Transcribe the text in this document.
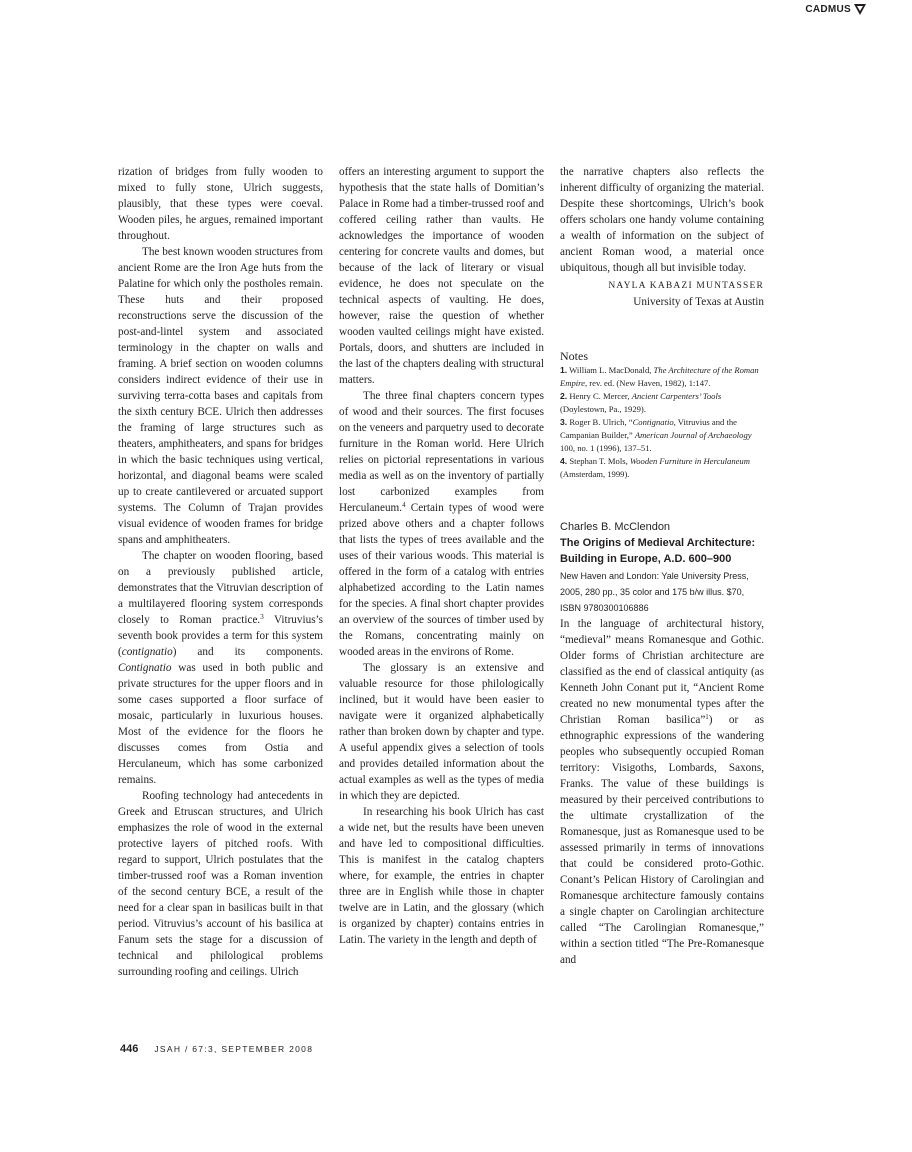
CADMUS

rization of bridges from fully wooden to mixed to fully stone, Ulrich suggests, plausibly, that these types were coeval. Wooden piles, he argues, remained important throughout.

The best known wooden structures from ancient Rome are the Iron Age huts from the Palatine for which only the postholes remain. These huts and their proposed reconstructions serve the discussion of the post-and-lintel system and associated terminology in the chapter on walls and framing. A brief section on wooden columns considers indirect evidence of their use in surviving terra-cotta bases and capitals from the sixth century BCE. Ulrich then addresses the framing of large structures such as theaters, amphitheaters, and spans for bridges in which the basic techniques using vertical, horizontal, and diagonal beams were scaled up to create cantilevered or arcuated support systems. The Column of Trajan provides visual evidence of wooden frames for bridge spans and amphitheaters.

The chapter on wooden flooring, based on a previously published article, demonstrates that the Vitruvian description of a multilayered flooring system corresponds closely to Roman practice.$^3$ Vitruvius’s seventh book provides a term for this system (contignatio) and its components. Contignatio was used in both public and private structures for the upper floors and in some cases supported a floor surface of mosaic, particularly in luxurious houses. Most of the evidence for the floors he discusses comes from Ostia and Herculaneum, which has some carbonized remains.

Roofing technology had antecedents in Greek and Etruscan structures, and Ulrich emphasizes the role of wood in the external protective layers of pitched roofs. With regard to support, Ulrich postulates that the timber-trussed roof was a Roman invention of the second century BCE, a result of the need for a clear span in basilicas built in that period. Vitruvius’s account of his basilica at Fanum sets the stage for a discussion of technical and philological problems surrounding roofing and ceilings. Ulrich

offers an interesting argument to support the hypothesis that the state halls of Domitian’s Palace in Rome had a timber-trussed roof and coffered ceiling rather than vaults. He acknowledges the importance of wooden centering for concrete vaults and domes, but because of the lack of literary or visual evidence, he does not speculate on the technical aspects of vaulting. He does, however, raise the question of whether wooden vaulted ceilings might have existed. Portals, doors, and shutters are included in the last of the chapters dealing with structural matters.

The three final chapters concern types of wood and their sources. The first focuses on the veneers and parquetry used to decorate furniture in the Roman world. Here Ulrich relies on pictorial representations in various media as well as on the inventory of partially lost carbonized examples from Herculaneum.$^4$ Certain types of wood were prized above others and a chapter follows that lists the types of trees available and the uses of their various woods. This material is offered in the form of a catalog with entries alphabetized according to the Latin names for the species. A final short chapter provides an overview of the sources of timber used by the Romans, concentrating mainly on wooded areas in the environs of Rome.

The glossary is an extensive and valuable resource for those philologically inclined, but it would have been easier to navigate were it organized alphabetically rather than broken down by chapter and type. A useful appendix gives a selection of tools and provides detailed information about the actual examples as well as the types of media in which they are depicted.

In researching his book Ulrich has cast a wide net, but the results have been uneven and have led to compositional difficulties. This is manifest in the catalog chapters where, for example, the entries in chapter three are in English while those in chapter twelve are in Latin, and the glossary (which is organized by chapter) contains entries in Latin. The variety in the length and depth of

the narrative chapters also reflects the inherent difficulty of organizing the material. Despite these shortcomings, Ulrich’s book offers scholars one handy volume containing a wealth of information on the subject of ancient Roman wood, a material once ubiquitous, though all but invisible today.

NAYLA KABAZI MUNTASSER
University of Texas at Austin
Notes
1. William L. MacDonald, The Architecture of the Roman Empire, rev. ed. (New Haven, 1982), 1:147.
2. Henry C. Mercer, Ancient Carpenters’ Tools (Doylestown, Pa., 1929).
3. Roger B. Ulrich, “Contignatio, Vitruvius and the Campanian Builder,” American Journal of Archaeology 100, no. 1 (1996), 137–51.
4. Stephan T. Mols, Wooden Furniture in Herculaneum (Amsterdam, 1999).
Charles B. McClendon
The Origins of Medieval Architecture: Building in Europe, A.D. 600–900
New Haven and London: Yale University Press, 2005, 280 pp., 35 color and 175 b/w illus. $70, ISBN 9780300106886

In the language of architectural history, “medieval” means Romanesque and Gothic. Older forms of Christian architecture are classified as the end of classical antiquity (as Kenneth John Conant put it, “Ancient Rome created no new monumental types after the Christian Roman basilica”$^1$) or as ethnographic expressions of the wandering peoples who subsequently occupied Roman territory: Visigoths, Lombards, Saxons, Franks. The value of these buildings is measured by their perceived contributions to the ultimate crystallization of the Romanesque, just as Romanesque used to be assessed primarily in terms of innovations that could be considered proto-Gothic. Conant’s Pelican History of Carolingian and Romanesque architecture famously contains a single chapter on Carolingian architecture called “The Carolingian Romanesque,” within a section titled “The Pre-Romanesque and

446 JSAH / 67:3, SEPTEMBER 2008
